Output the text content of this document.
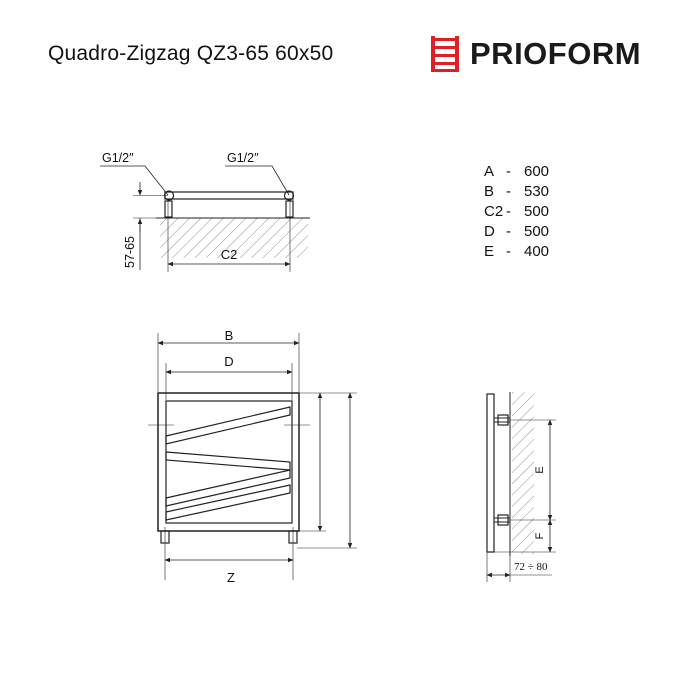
Quadro-Zigzag QZ3-65 60x50	PRIOFORM
A - 600
B - 530
C2 - 500
D - 500
E - 400
G1/2″	G1/2″
57-65	C2
B
D
Z
E
F
72 ÷ 80
